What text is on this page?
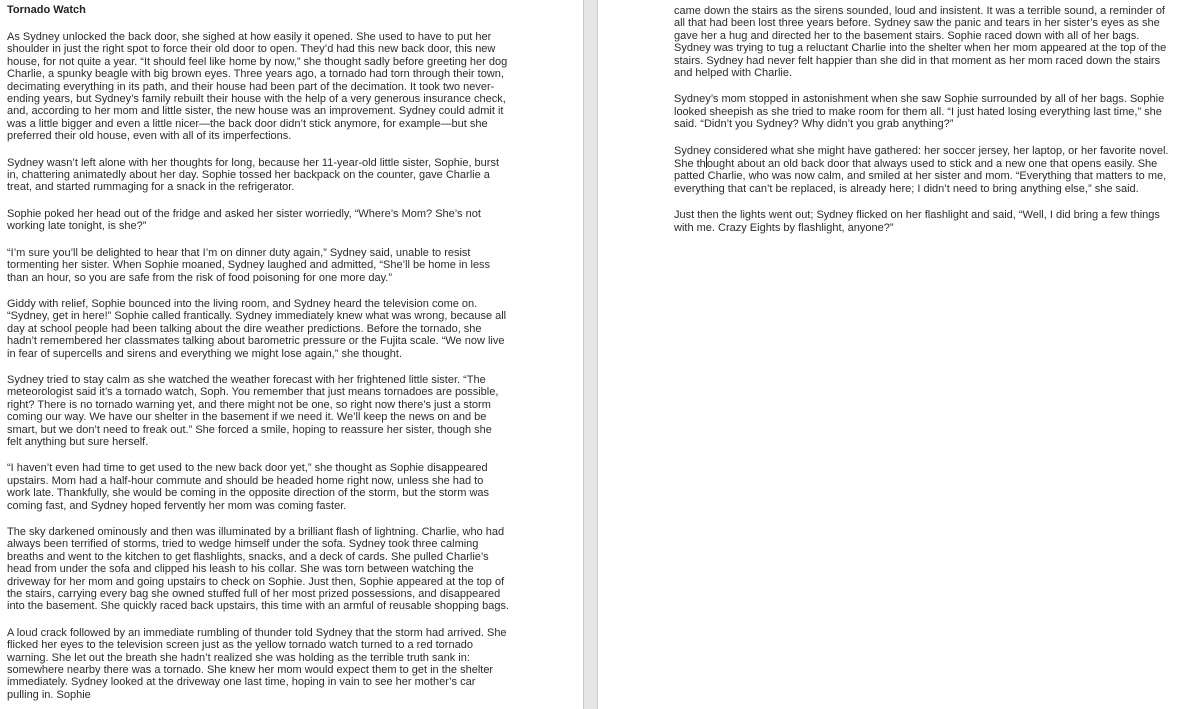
Tornado Watch

As Sydney unlocked the back door, she sighed at how easily it opened. She used to have to put her shoulder in just the right spot to force their old door to open. They’d had this new back door, this new house, for not quite a year. “It should feel like home by now,” she thought sadly before greeting her dog Charlie, a spunky beagle with big brown eyes. Three years ago, a tornado had torn through their town, decimating everything in its path, and their house had been part of the decimation. It took two never-ending years, but Sydney’s family rebuilt their house with the help of a very generous insurance check, and, according to her mom and little sister, the new house was an improvement. Sydney could admit it was a little bigger and even a little nicer—the back door didn’t stick anymore, for example—but she preferred their old house, even with all of its imperfections.

Sydney wasn’t left alone with her thoughts for long, because her 11-year-old little sister, Sophie, burst in, chattering animatedly about her day. Sophie tossed her backpack on the counter, gave Charlie a treat, and started rummaging for a snack in the refrigerator.

Sophie poked her head out of the fridge and asked her sister worriedly, “Where’s Mom? She’s not working late tonight, is she?”

“I’m sure you’ll be delighted to hear that I’m on dinner duty again,” Sydney said, unable to resist tormenting her sister. When Sophie moaned, Sydney laughed and admitted, “She’ll be home in less than an hour, so you are safe from the risk of food poisoning for one more day.”

Giddy with relief, Sophie bounced into the living room, and Sydney heard the television come on. “Sydney, get in here!” Sophie called frantically. Sydney immediately knew what was wrong, because all day at school people had been talking about the dire weather predictions. Before the tornado, she hadn’t remembered her classmates talking about barometric pressure or the Fujita scale. “We now live in fear of supercells and sirens and everything we might lose again,” she thought.

Sydney tried to stay calm as she watched the weather forecast with her frightened little sister. “The meteorologist said it’s a tornado watch, Soph. You remember that just means tornadoes are possible, right? There is no tornado warning yet, and there might not be one, so right now there’s just a storm coming our way. We have our shelter in the basement if we need it. We’ll keep the news on and be smart, but we don’t need to freak out.” She forced a smile, hoping to reassure her sister, though she felt anything but sure herself.

“I haven’t even had time to get used to the new back door yet,” she thought as Sophie disappeared upstairs. Mom had a half-hour commute and should be headed home right now, unless she had to work late. Thankfully, she would be coming in the opposite direction of the storm, but the storm was coming fast, and Sydney hoped fervently her mom was coming faster.

The sky darkened ominously and then was illuminated by a brilliant flash of lightning. Charlie, who had always been terrified of storms, tried to wedge himself under the sofa. Sydney took three calming breaths and went to the kitchen to get flashlights, snacks, and a deck of cards. She pulled Charlie’s head from under the sofa and clipped his leash to his collar. She was torn between watching the driveway for her mom and going upstairs to check on Sophie. Just then, Sophie appeared at the top of the stairs, carrying every bag she owned stuffed full of her most prized possessions, and disappeared into the basement. She quickly raced back upstairs, this time with an armful of reusable shopping bags.

A loud crack followed by an immediate rumbling of thunder told Sydney that the storm had arrived. She flicked her eyes to the television screen just as the yellow tornado watch turned to a red tornado warning. She let out the breath she hadn’t realized she was holding as the terrible truth sank in: somewhere nearby there was a tornado. She knew her mom would expect them to get in the shelter immediately. Sydney looked at the driveway one last time, hoping in vain to see her mother’s car pulling in. Sophie

came down the stairs as the sirens sounded, loud and insistent. It was a terrible sound, a reminder of all that had been lost three years before. Sydney saw the panic and tears in her sister’s eyes as she gave her a hug and directed her to the basement stairs. Sophie raced down with all of her bags. Sydney was trying to tug a reluctant Charlie into the shelter when her mom appeared at the top of the stairs. Sydney had never felt happier than she did in that moment as her mom raced down the stairs and helped with Charlie.

Sydney’s mom stopped in astonishment when she saw Sophie surrounded by all of her bags. Sophie looked sheepish as she tried to make room for them all. “I just hated losing everything last time,” she said. “Didn’t you Sydney? Why didn’t you grab anything?”

Sydney considered what she might have gathered: her soccer jersey, her laptop, or her favorite novel. She thought about an old back door that always used to stick and a new one that opens easily. She patted Charlie, who was now calm, and smiled at her sister and mom. “Everything that matters to me, everything that can’t be replaced, is already here; I didn’t need to bring anything else,” she said.

Just then the lights went out; Sydney flicked on her flashlight and said, “Well, I did bring a few things with me. Crazy Eights by flashlight, anyone?”
